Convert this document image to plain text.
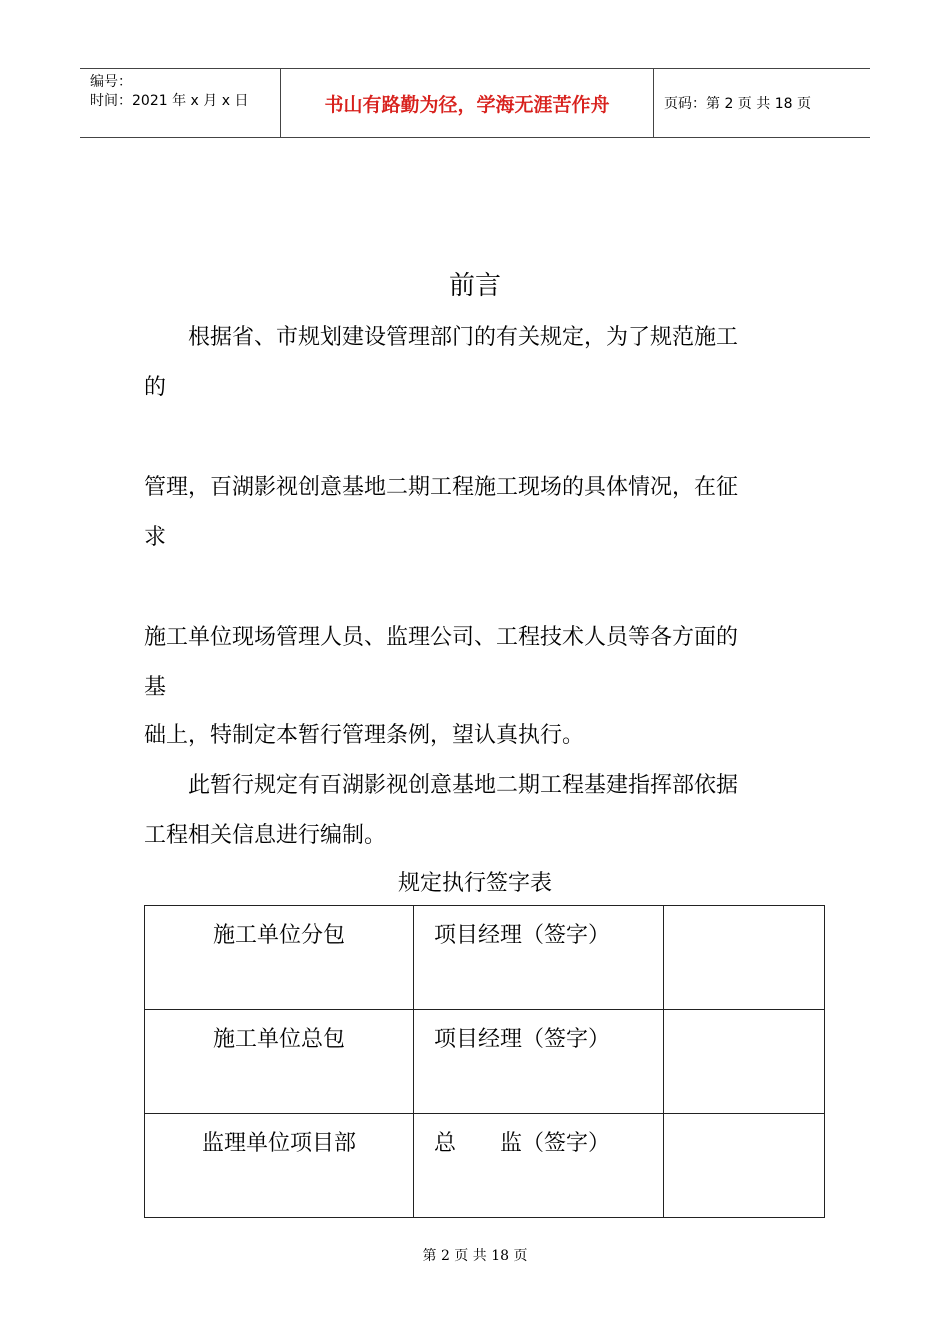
编号：
时间：2021 年 x 月 x 日	书山有路勤为径，学海无涯苦作舟	页码：第 2 页 共 18 页
前言
　　根据省、市规划建设管理部门的有关规定，为了规范施工
的
管理，百湖影视创意基地二期工程施工现场的具体情况，在征
求
施工单位现场管理人员、监理公司、工程技术人员等各方面的
基
础上，特制定本暂行管理条例，望认真执行。
　　此暂行规定有百湖影视创意基地二期工程基建指挥部依据
工程相关信息进行编制。
规定执行签字表
施工单位分包	项目经理（签字）	
施工单位总包	项目经理（签字）	
监理单位项目部	总　　监（签字）	
第 2 页 共 18 页
